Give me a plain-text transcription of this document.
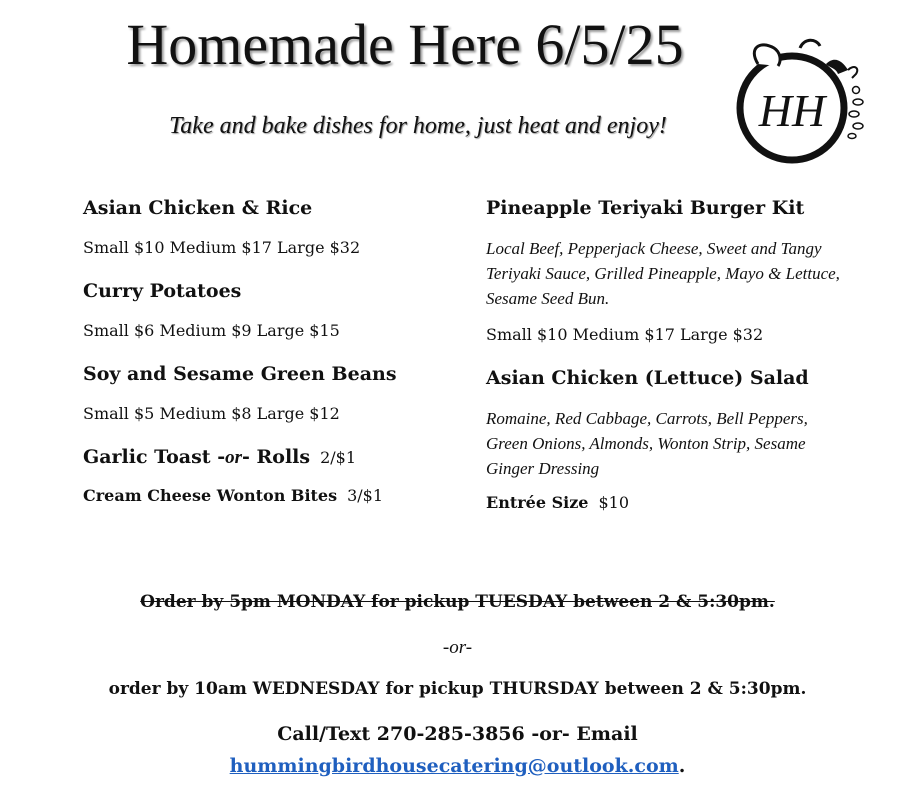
Homemade Here 6/5/25
Take and bake dishes for home, just heat and enjoy!	HH
Asian Chicken & Rice
Small $10 Medium $17 Large $32
Curry Potatoes
Small $6 Medium $9 Large $15
Soy and Sesame Green Beans
Small $5 Medium $8 Large $12
Garlic Toast -or- Rolls 2/$1
Cream Cheese Wonton Bites 3/$1
Pineapple Teriyaki Burger Kit
Local Beef, Pepperjack Cheese, Sweet and Tangy Teriyaki Sauce, Grilled Pineapple, Mayo & Lettuce, Sesame Seed Bun.
Small $10 Medium $17 Large $32
Asian Chicken (Lettuce) Salad
Romaine, Red Cabbage, Carrots, Bell Peppers, Green Onions, Almonds, Wonton Strip, Sesame Ginger Dressing
Entrée Size $10
Order by 5pm MONDAY for pickup TUESDAY between 2 & 5:30pm.
-or-
order by 10am WEDNESDAY for pickup THURSDAY between 2 & 5:30pm.
Call/Text 270-285-3856 -or- Email
hummingbirdhousecatering@outlook.com.
